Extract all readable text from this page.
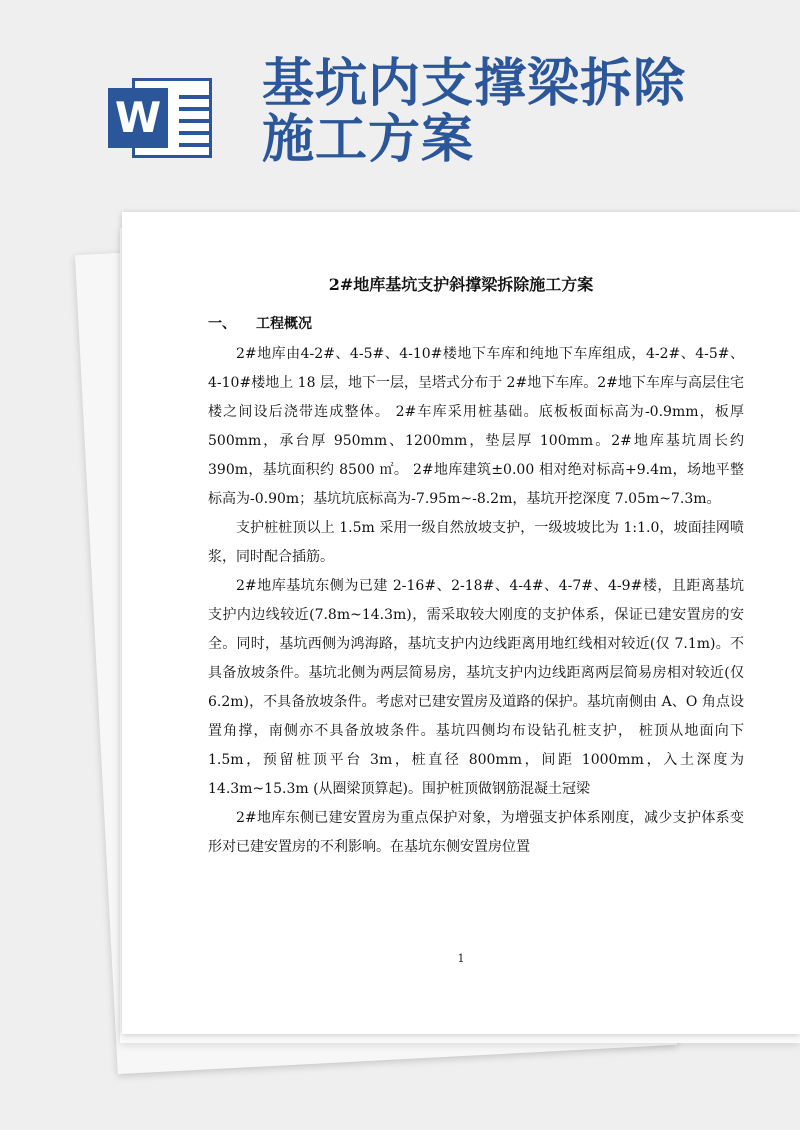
W
基坑内支撑梁拆除
施工方案
2#地库基坑支护斜撑梁拆除施工方案
一、 工程概况

2#地库由4-2#、4-5#、4-10#楼地下车库和纯地下车库组成，4-2#、4-5#、4-10#楼地上 18 层，地下一层，呈塔式分布于 2#地下车库。2#地下车库与高层住宅楼之间设后浇带连成整体。 2#车库采用桩基础。底板板面标高为-0.9mm，板厚 500mm，承台厚 950mm、1200mm，垫层厚 100mm。2#地库基坑周长约 390m，基坑面积约 8500 ㎡。 2#地库建筑±0.00 相对绝对标高+9.4m，场地平整标高为-0.90m；基坑坑底标高为-7.95m~-8.2m，基坑开挖深度 7.05m~7.3m。

支护桩桩顶以上 1.5m 采用一级自然放坡支护，一级坡坡比为 1:1.0，坡面挂网喷浆，同时配合插筋。

2#地库基坑东侧为已建 2-16#、2-18#、4-4#、4-7#、4-9#楼，且距离基坑支护内边线较近(7.8m~14.3m)，需采取较大刚度的支护体系，保证已建安置房的安全。同时，基坑西侧为鸿海路，基坑支护内边线距离用地红线相对较近(仅 7.1m)。不具备放坡条件。基坑北侧为两层简易房，基坑支护内边线距离两层简易房相对较近(仅 6.2m)，不具备放坡条件。考虑对已建安置房及道路的保护。基坑南侧由 A、O 角点设置角撑，南侧亦不具备放坡条件。基坑四侧均布设钻孔桩支护， 桩顶从地面向下 1.5m，预留桩顶平台 3m，桩直径 800mm，间距 1000mm，入土深度为 14.3m~15.3m (从圈梁顶算起)。围护桩顶做钢筋混凝土冠梁

2#地库东侧已建安置房为重点保护对象，为增强支护体系刚度，减少支护体系变形对已建安置房的不利影响。在基坑东侧安置房位置

1
